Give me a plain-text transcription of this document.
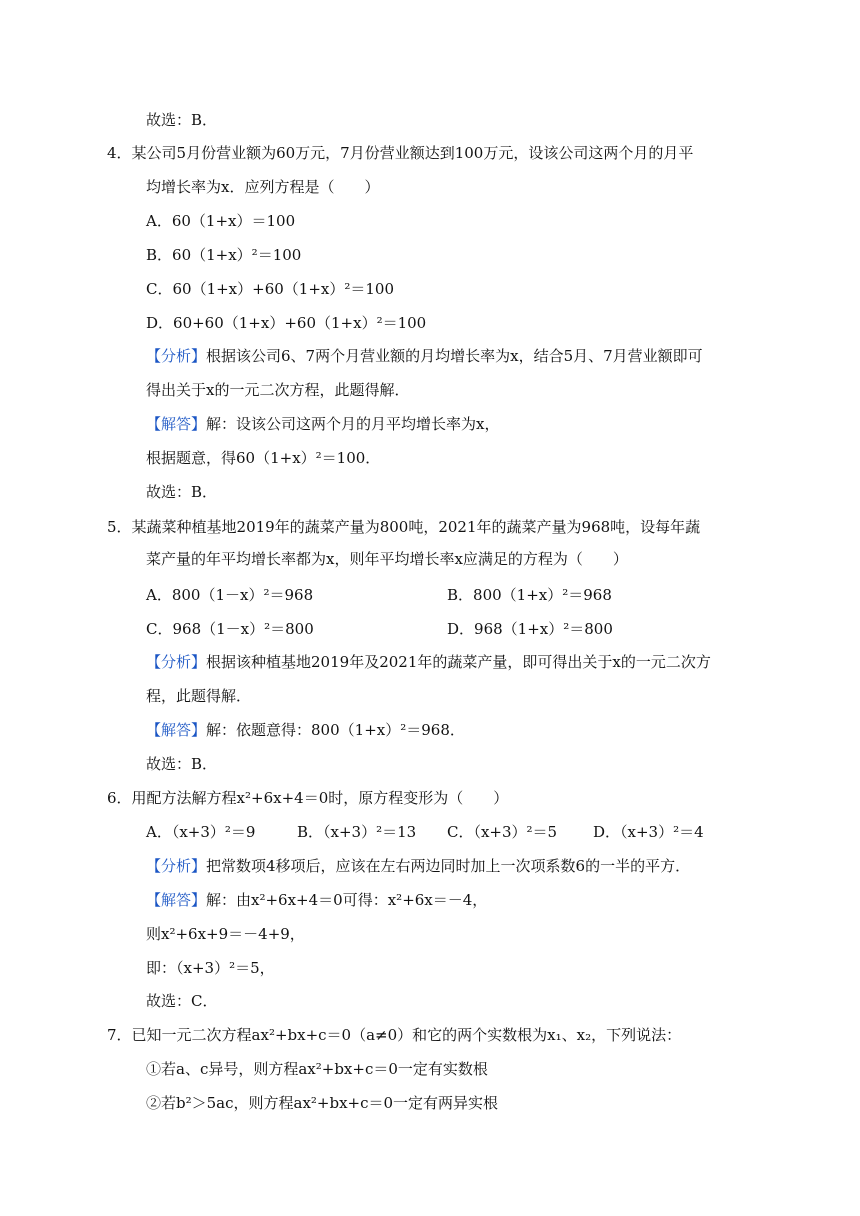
故选：B．
4．某公司5月份营业额为60万元，7月份营业额达到100万元，设该公司这两个月的月平
均增长率为x．应列方程是（　　）
A．60（1+x）＝100
B．60（1+x）²＝100
C．60（1+x）+60（1+x）²＝100
D．60+60（1+x）+60（1+x）²＝100
【分析】根据该公司6、7两个月营业额的月均增长率为x，结合5月、7月营业额即可
得出关于x的一元二次方程，此题得解．
【解答】解：设该公司这两个月的月平均增长率为x，
根据题意，得60（1+x）²＝100．
故选：B．
5．某蔬菜种植基地2019年的蔬菜产量为800吨，2021年的蔬菜产量为968吨，设每年蔬
菜产量的年平均增长率都为x，则年平均增长率x应满足的方程为（　　）
A．800（1－x）²＝968
C．968（1－x）²＝800
【分析】根据该种植基地2019年及2021年的蔬菜产量，即可得出关于x的一元二次方
程，此题得解．
【解答】解：依题意得：800（1+x）²＝968．
故选：B．
6．用配方法解方程x²+6x+4＝0时，原方程变形为（　　）
A．（x+3）²＝9
【分析】把常数项4移项后，应该在左右两边同时加上一次项系数6的一半的平方．
【解答】解：由x²+6x+4＝0可得：x²+6x＝－4，
则x²+6x+9＝－4+9，
即：（x+3）²＝5，
故选：C．
7．已知一元二次方程ax²+bx+c＝0（a≠0）和它的两个实数根为x₁、x₂，下列说法：
①若a、c异号，则方程ax²+bx+c＝0一定有实数根
②若b²＞5ac，则方程ax²+bx+c＝0一定有两异实根
B．800（1+x）²＝968
D．968（1+x）²＝800
B．（x+3）²＝13 C．（x+3）²＝5 D．（x+3）²＝4
